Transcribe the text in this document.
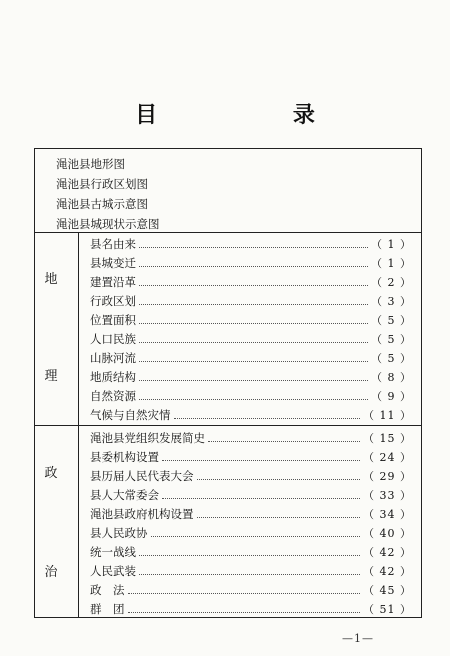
目 录
渑池县地形图
渑池县行政区划图
渑池县古城示意图
渑池县城现状示意图
地
理
县名由来	（ 1 ）
县城变迁	（ 1 ）
建置沿革	（ 2 ）
行政区划	（ 3 ）
位置面积	（ 5 ）
人口民族	（ 5 ）
山脉河流	（ 5 ）
地质结构	（ 8 ）
自然资源	（ 9 ）
气候与自然灾情	（ 11 ）
政
治
渑池县党组织发展简史	（ 15 ）
县委机构设置	（ 24 ）
县历届人民代表大会	（ 29 ）
县人大常委会	（ 33 ）
渑池县政府机构设置	（ 34 ）
县人民政协	（ 40 ）
统一战线	（ 42 ）
人民武装	（ 42 ）
政　法	（ 45 ）
群　团	（ 51 ）
—1—
